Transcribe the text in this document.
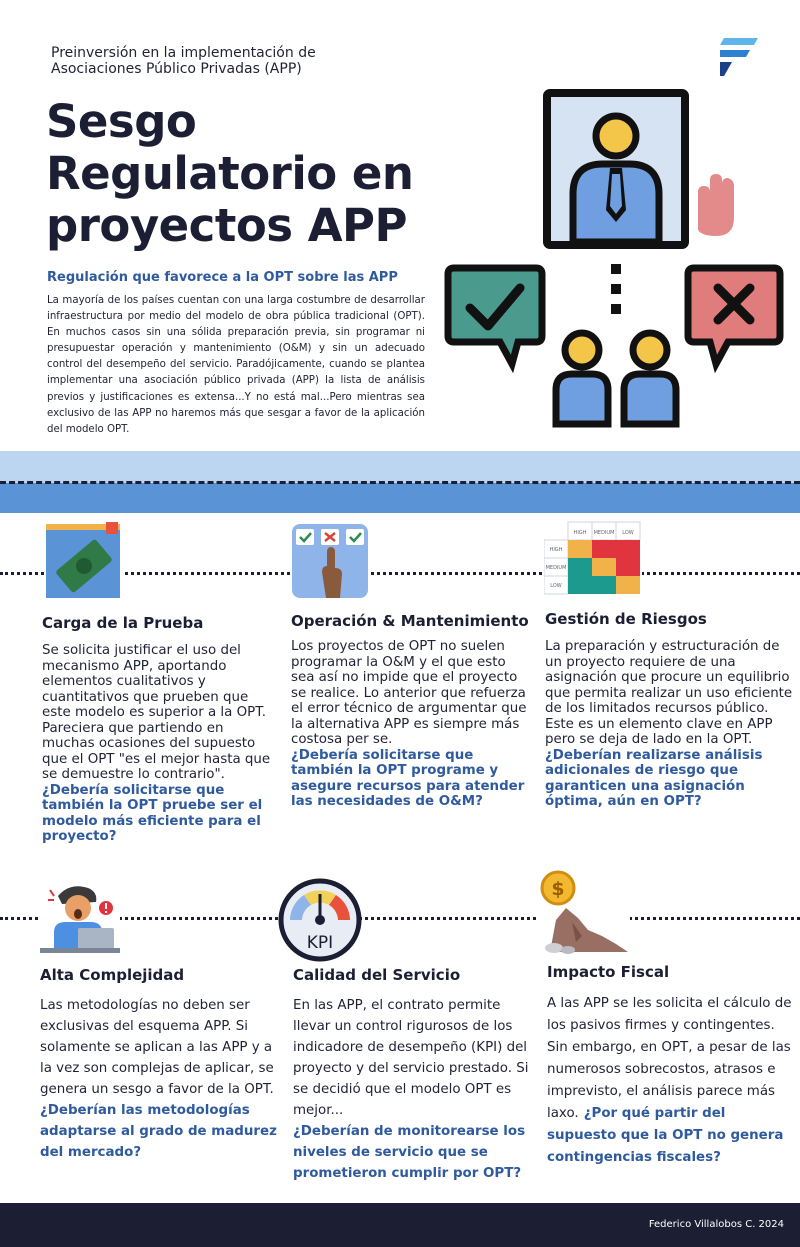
Preinversión en la implementación de
Asociaciones Público Privadas (APP)
Sesgo
Regulatorio en
proyectos APP
Regulación que favorece a la OPT sobre las APP
La mayoría de los países cuentan con una larga costumbre de desarrollar infraestructura por medio del modelo de obra pública tradicional (OPT). En muchos casos sin una sólida preparación previa, sin programar ni presupuestar operación y mantenimiento (O&M) y sin un adecuado control del desempeño del servicio. Paradójicamente, cuando se plantea implementar una asociación público privada (APP) la lista de análisis previos y justificaciones es extensa...Y no está mal...Pero mientras sea exclusivo de las APP no haremos más que sesgar a favor de la aplicación del modelo OPT.
HIGH MEDIUM LOW
HIGH
MEDIUM
LOW
Carga de la Prueba
Se solicita justificar el uso del mecanismo APP, aportando elementos cualitativos y cuantitativos que prueben que este modelo es superior a la OPT. Pareciera que partiendo en muchas ocasiones del supuesto que el OPT "es el mejor hasta que se demuestre lo contrario".
¿Debería solicitarse que también la OPT pruebe ser el modelo más eficiente para el proyecto?
Operación & Mantenimiento
Los proyectos de OPT no suelen programar la O&M y el que esto sea así no impide que el proyecto se realice. Lo anterior que refuerza el error técnico de argumentar que la alternativa APP es siempre más costosa per se.
¿Debería solicitarse que también la OPT programe y asegure recursos para atender las necesidades de O&M?
Gestión de Riesgos
La preparación y estructuración de un proyecto requiere de una asignación que procure un equilibrio que permita realizar un uso eficiente de los limitados recursos público. Este es un elemento clave en APP pero se deja de lado en la OPT.
¿Deberían realizarse análisis adicionales de riesgo que garanticen una asignación óptima, aún en OPT?
KPI
$
Alta Complejidad
Las metodologías no deben ser exclusivas del esquema APP. Si solamente se aplican a las APP y a la vez son complejas de aplicar, se genera un sesgo a favor de la OPT.
¿Deberían las metodologías adaptarse al grado de madurez del mercado?
Calidad del Servicio
En las APP, el contrato permite llevar un control rigurosos de los indicadore de desempeño (KPI) del proyecto y del servicio prestado. Si se decidió que el modelo OPT es mejor...
¿Deberían de monitorearse los niveles de servicio que se prometieron cumplir por OPT?
Impacto Fiscal
A las APP se les solicita el cálculo de los pasivos firmes y contingentes. Sin embargo, en OPT, a pesar de las numerosos sobrecostos, atrasos e imprevisto, el análisis parece más laxo. ¿Por qué partir del supuesto que la OPT no genera contingencias fiscales?
Federico Villalobos C. 2024
